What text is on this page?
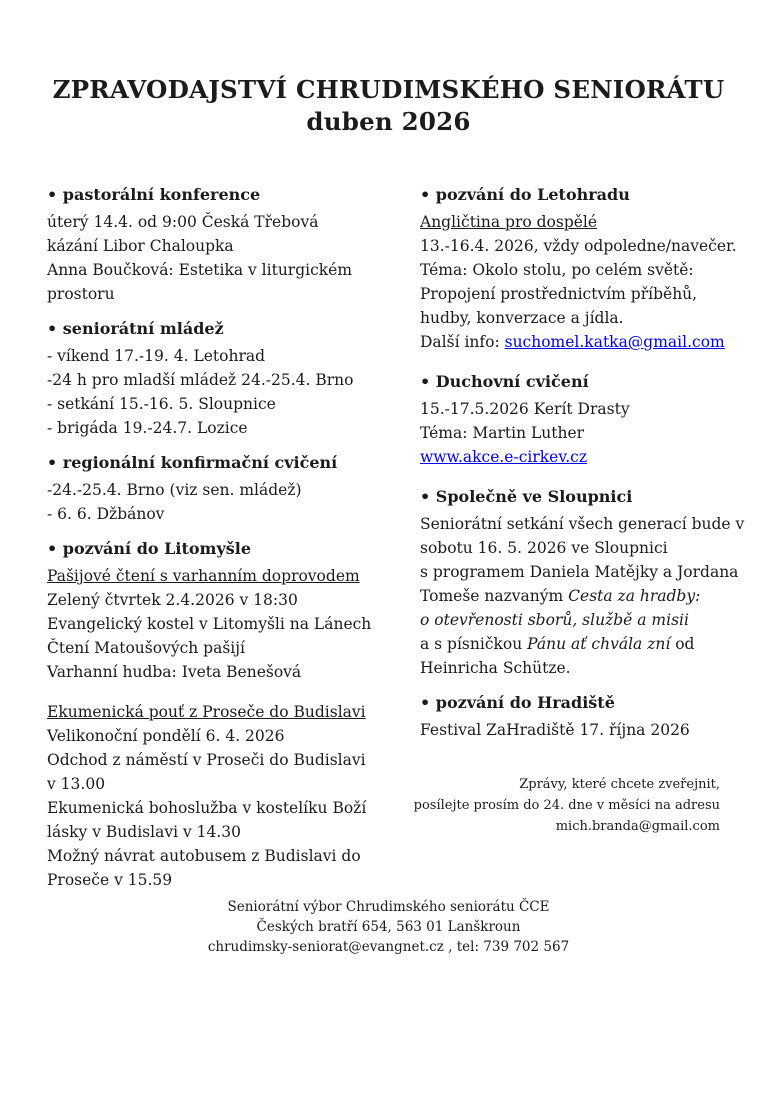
ZPRAVODAJSTVÍ CHRUDIMSKÉHO SENIORÁTU
duben 2026
• pastorální konference
úterý 14.4. od 9:00 Česká Třebová
kázání Libor Chaloupka
Anna Boučková: Estetika v liturgickém
prostoru
• seniorátní mládež
- víkend 17.-19. 4. Letohrad
-24 h pro mladší mládež 24.-25.4. Brno
- setkání 15.-16. 5. Sloupnice
- brigáda 19.-24.7. Lozice
• regionální konfirmační cvičení
-24.-25.4. Brno (viz sen. mládež)
- 6. 6. Džbánov
• pozvání do Litomyšle
Pašijové čtení s varhanním doprovodem
Zelený čtvrtek 2.4.2026 v 18:30
Evangelický kostel v Litomyšli na Lánech
Čtení Matoušových pašijí
Varhanní hudba: Iveta Benešová
Ekumenická pouť z Proseče do Budislavi
Velikonoční pondělí 6. 4. 2026
Odchod z náměstí v Proseči do Budislavi
v 13.00
Ekumenická bohoslužba v kostelíku Boží
lásky v Budislavi v 14.30
Možný návrat autobusem z Budislavi do
Proseče v 15.59
• pozvání do Letohradu
Angličtina pro dospělé
13.-16.4. 2026, vždy odpoledne/navečer.
Téma: Okolo stolu, po celém světě:
Propojení prostřednictvím příběhů,
hudby, konverzace a jídla.
Další info: suchomel.katka@gmail.com
• Duchovní cvičení
15.-17.5.2026 Kerít Drasty
Téma: Martin Luther
www.akce.e-cirkev.cz
• Společně ve Sloupnici
Seniorátní setkání všech generací bude v
sobotu 16. 5. 2026 ve Sloupnici
s programem Daniela Matějky a Jordana
Tomeše nazvaným Cesta za hradby:
o otevřenosti sborů, službě a misii
a s písničkou Pánu ať chvála zní od
Heinricha Schütze.
• pozvání do Hradiště
Festival ZaHradiště 17. října 2026
Zprávy, které chcete zveřejnit,
posílejte prosím do 24. dne v měsíci na adresu
mich.branda@gmail.com
Seniorátní výbor Chrudimského seniorátu ČCE
Českých bratří 654, 563 01 Lanškroun
chrudimsky-seniorat@evangnet.cz , tel: 739 702 567
